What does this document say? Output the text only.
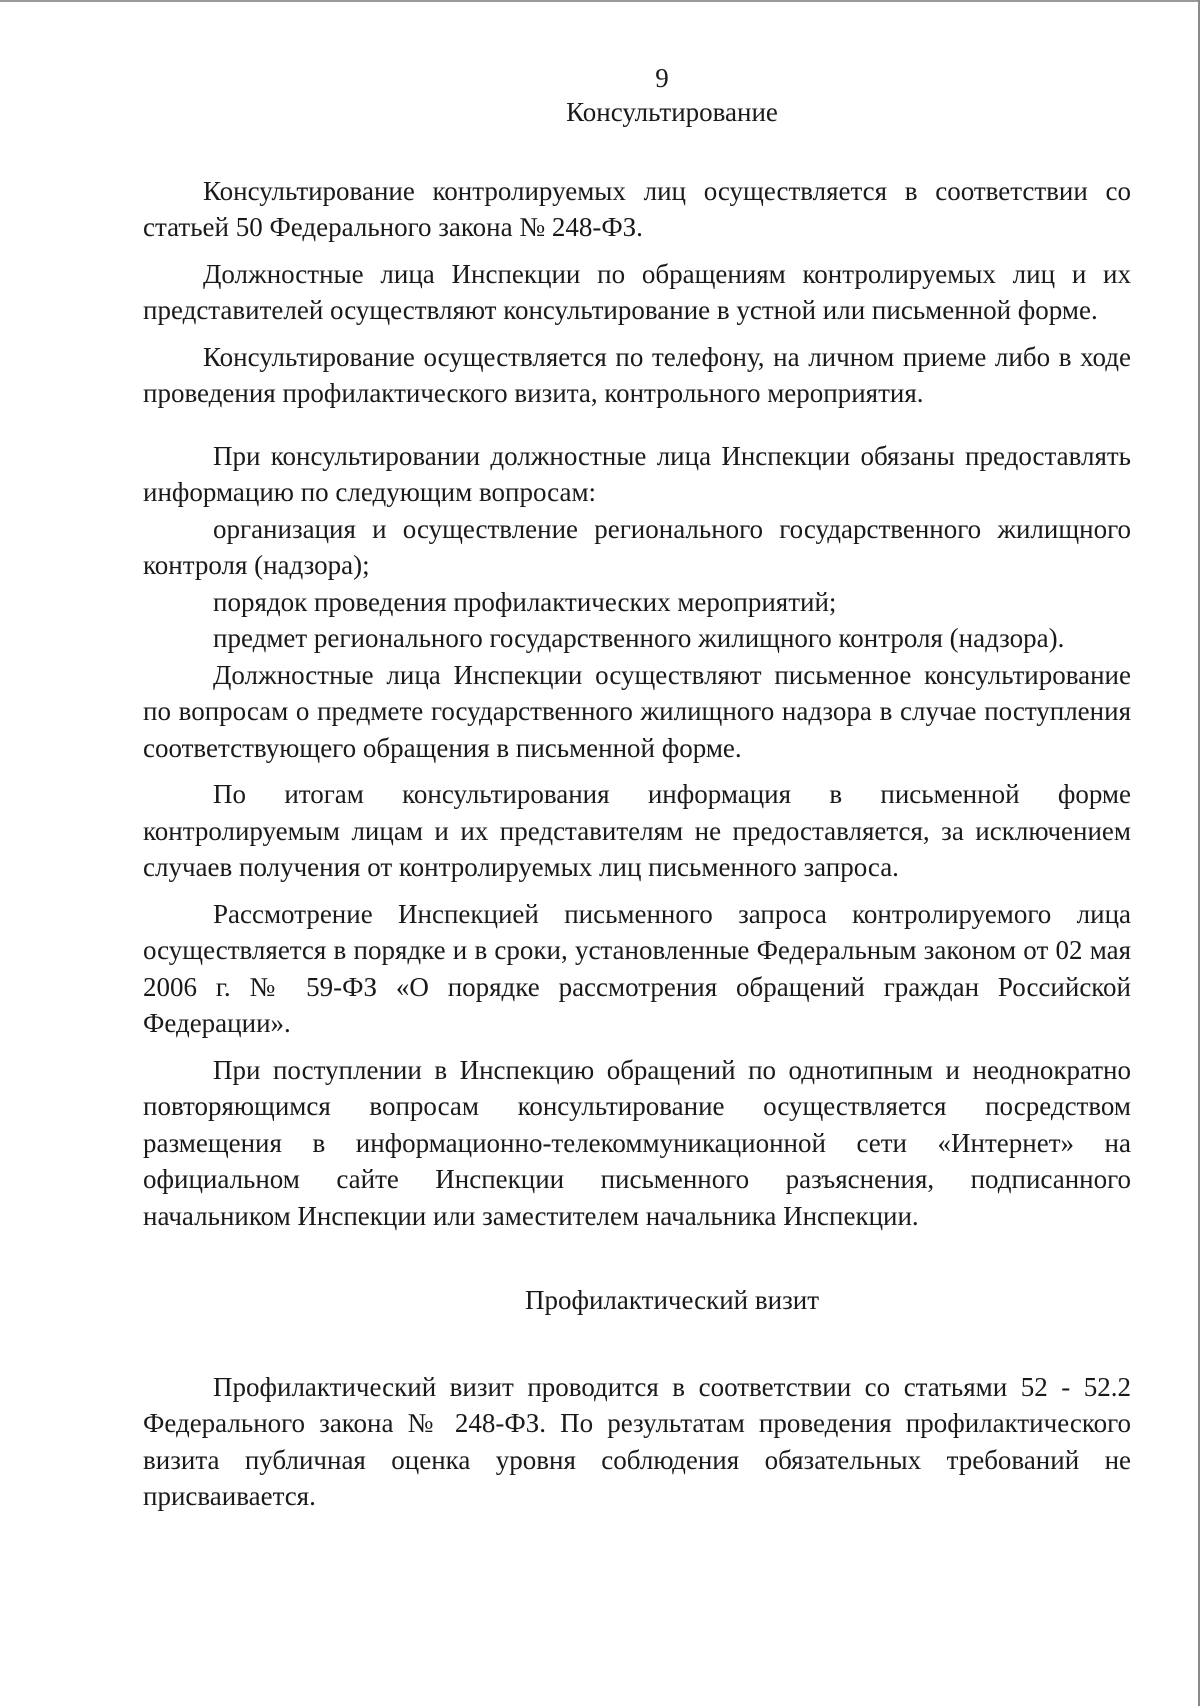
9
Консультирование

Консультирование контролируемых лиц осуществляется в соответствии со статьей 50 Федерального закона № 248-ФЗ.

Должностные лица Инспекции по обращениям контролируемых лиц и их представителей осуществляют консультирование в устной или письменной форме.

Консультирование осуществляется по телефону, на личном приеме либо в ходе проведения профилактического визита, контрольного мероприятия.

При консультировании должностные лица Инспекции обязаны предоставлять информацию по следующим вопросам:

организация и осуществление регионального государственного жилищного контроля (надзора);

порядок проведения профилактических мероприятий;

предмет регионального государственного жилищного контроля (надзора).

Должностные лица Инспекции осуществляют письменное консультирование по вопросам о предмете государственного жилищного надзора в случае поступления соответствующего обращения в письменной форме.

По итогам консультирования информация в письменной форме контролируемым лицам и их представителям не предоставляется, за исключением случаев получения от контролируемых лиц письменного запроса.

Рассмотрение Инспекцией письменного запроса контролируемого лица осуществляется в порядке и в сроки, установленные Федеральным законом от 02 мая 2006 г. № 59-ФЗ «О порядке рассмотрения обращений граждан Российской Федерации».

При поступлении в Инспекцию обращений по однотипным и неоднократно повторяющимся вопросам консультирование осуществляется посредством размещения в информационно-телекоммуникационной сети «Интернет» на официальном сайте Инспекции письменного разъяснения, подписанного начальником Инспекции или заместителем начальника Инспекции.

Профилактический визит

Профилактический визит проводится в соответствии со статьями 52 - 52.2 Федерального закона № 248-ФЗ. По результатам проведения профилактического визита публичная оценка уровня соблюдения обязательных требований не присваивается.
